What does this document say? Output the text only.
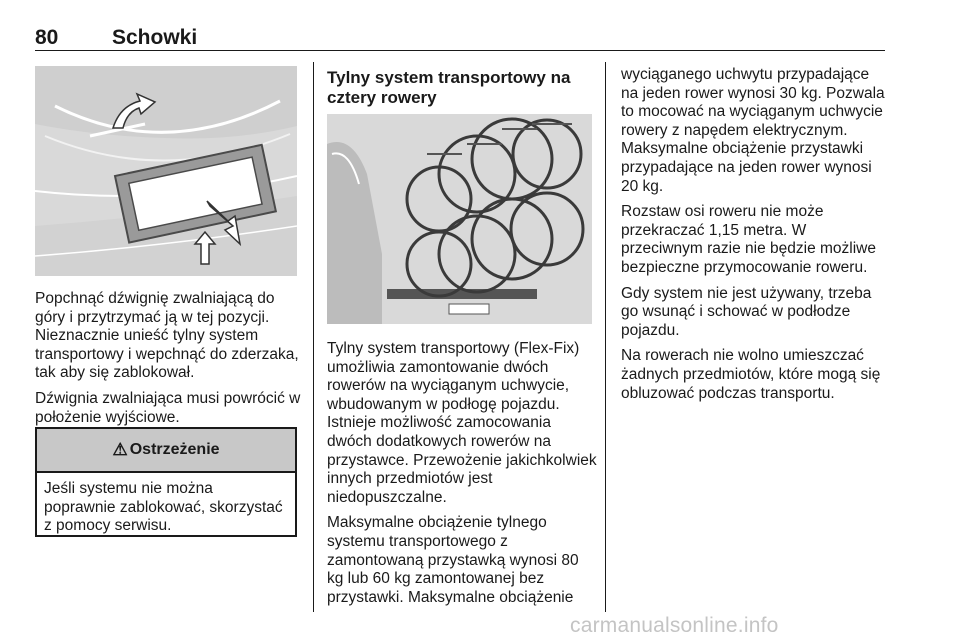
80	Schowki

Popchnąć dźwignię zwalniającą do góry i przytrzymać ją w tej pozycji. Nieznacznie unieść tylny system transportowy i wepchnąć do zderzaka, tak aby się zablokował.

Dźwignia zwalniająca musi powrócić w położenie wyjściowe.

⚠ Ostrzeżenie
Jeśli systemu nie można poprawnie zablokować, skorzystać z pomocy serwisu.
Tylny system transportowy na cztery rowery

Tylny system transportowy (Flex-Fix) umożliwia zamontowanie dwóch rowerów na wyciąganym uchwycie, wbudowanym w podłogę pojazdu. Istnieje możliwość zamocowania dwóch dodatkowych rowerów na przystawce. Przewożenie jakichkolwiek innych przedmiotów jest niedopuszczalne.

Maksymalne obciążenie tylnego systemu transportowego z zamontowaną przystawką wynosi 80 kg lub 60 kg zamontowanej bez przystawki. Maksymalne obciążenie

wyciąganego uchwytu przypadające na jeden rower wynosi 30 kg. Pozwala to mocować na wyciąganym uchwycie rowery z napędem elektrycznym. Maksymalne obciążenie przystawki przypadające na jeden rower wynosi 20 kg.

Rozstaw osi roweru nie może przekraczać 1,15 metra. W przeciwnym razie nie będzie możliwe bezpieczne przymocowanie roweru.

Gdy system nie jest używany, trzeba go wsunąć i schować w podłodze pojazdu.

Na rowerach nie wolno umieszczać żadnych przedmiotów, które mogą się obluzować podczas transportu.

carmanualsonline.info
